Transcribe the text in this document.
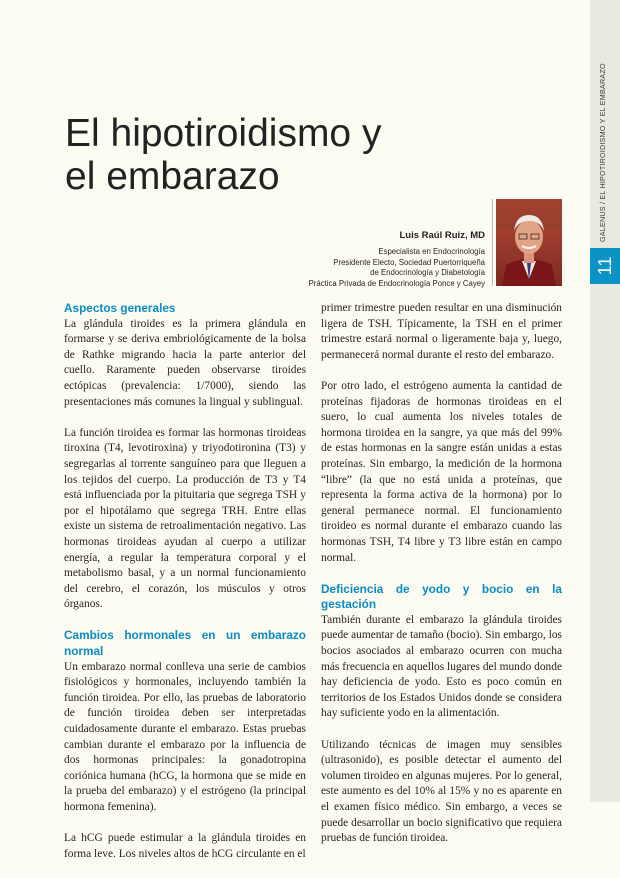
11
GALENUS / EL HIPOTIROIDISMO Y EL EMBARAZO
El hipotiroidismo y
el embarazo
Luis Raúl Ruiz, MD
Especialista en Endocrinología
Presidente Electo, Sociedad Puertorriqueña
de Endocrinología y Diabetología
Práctica Privada de Endocrinología Ponce y Cayey
Aspectos generales

La glándula tiroides es la primera glándula en formarse y se deriva embriológicamente de la bolsa de Rathke migrando hacia la parte anterior del cuello. Raramente pueden observarse tiroides ectópicas (prevalencia: 1/7000), siendo las presentaciones más comunes la lingual y sublingual.

La función tiroidea es formar las hormonas tiroideas tiroxina (T4, levotiroxina) y triyodotironina (T3) y segregarlas al torrente sanguíneo para que lleguen a los tejidos del cuerpo. La producción de T3 y T4 está influenciada por la pituitaria que segrega TSH y por el hipotálamo que segrega TRH. Entre ellas existe un sistema de retroalimentación negativo. Las hormonas tiroideas ayudan al cuerpo a utilizar energía, a regular la temperatura corporal y el metabolismo basal, y a un normal funcionamiento del cerebro, el corazón, los músculos y otros órganos.

Cambios hormonales en un embarazo normal

Un embarazo normal conlleva una serie de cambios fisiológicos y hormonales, incluyendo también la función tiroidea. Por ello, las pruebas de laboratorio de función tiroidea deben ser interpretadas cuidadosamente durante el embarazo. Estas pruebas cambian durante el embarazo por la influencia de dos hormonas principales: la gonadotropina coriónica humana (hCG, la hormona que se mide en la prueba del embarazo) y el estrógeno (la principal hormona femenina).

La hCG puede estimular a la glándula tiroides en forma leve. Los niveles altos de hCG circulante en el

primer trimestre pueden resultar en una disminución ligera de TSH. Típicamente, la TSH en el primer trimestre estará normal o ligeramente baja y, luego, permanecerá normal durante el resto del embarazo.

Por otro lado, el estrógeno aumenta la cantidad de proteínas fijadoras de hormonas tiroideas en el suero, lo cual aumenta los niveles totales de hormona tiroidea en la sangre, ya que más del 99% de estas hormonas en la sangre están unidas a estas proteínas. Sin embargo, la medición de la hormona “libre” (la que no está unida a proteínas, que representa la forma activa de la hormona) por lo general permanece normal. El funcionamiento tiroideo es normal durante el embarazo cuando las hormonas TSH, T4 libre y T3 libre están en campo normal.

Deficiencia de yodo y bocio en la gestación

También durante el embarazo la glándula tiroides puede aumentar de tamaño (bocio). Sin embargo, los bocios asociados al embarazo ocurren con mucha más frecuencia en aquellos lugares del mundo donde hay deficiencia de yodo. Esto es poco común en territorios de los Estados Unidos donde se considera hay suficiente yodo en la alimentación.

Utilizando técnicas de imagen muy sensibles (ultrasonido), es posible detectar el aumento del volumen tiroideo en algunas mujeres. Por lo general, este aumento es del 10% al 15% y no es aparente en el examen físico médico. Sin embargo, a veces se puede desarrollar un bocio significativo que requiera pruebas de función tiroidea.
